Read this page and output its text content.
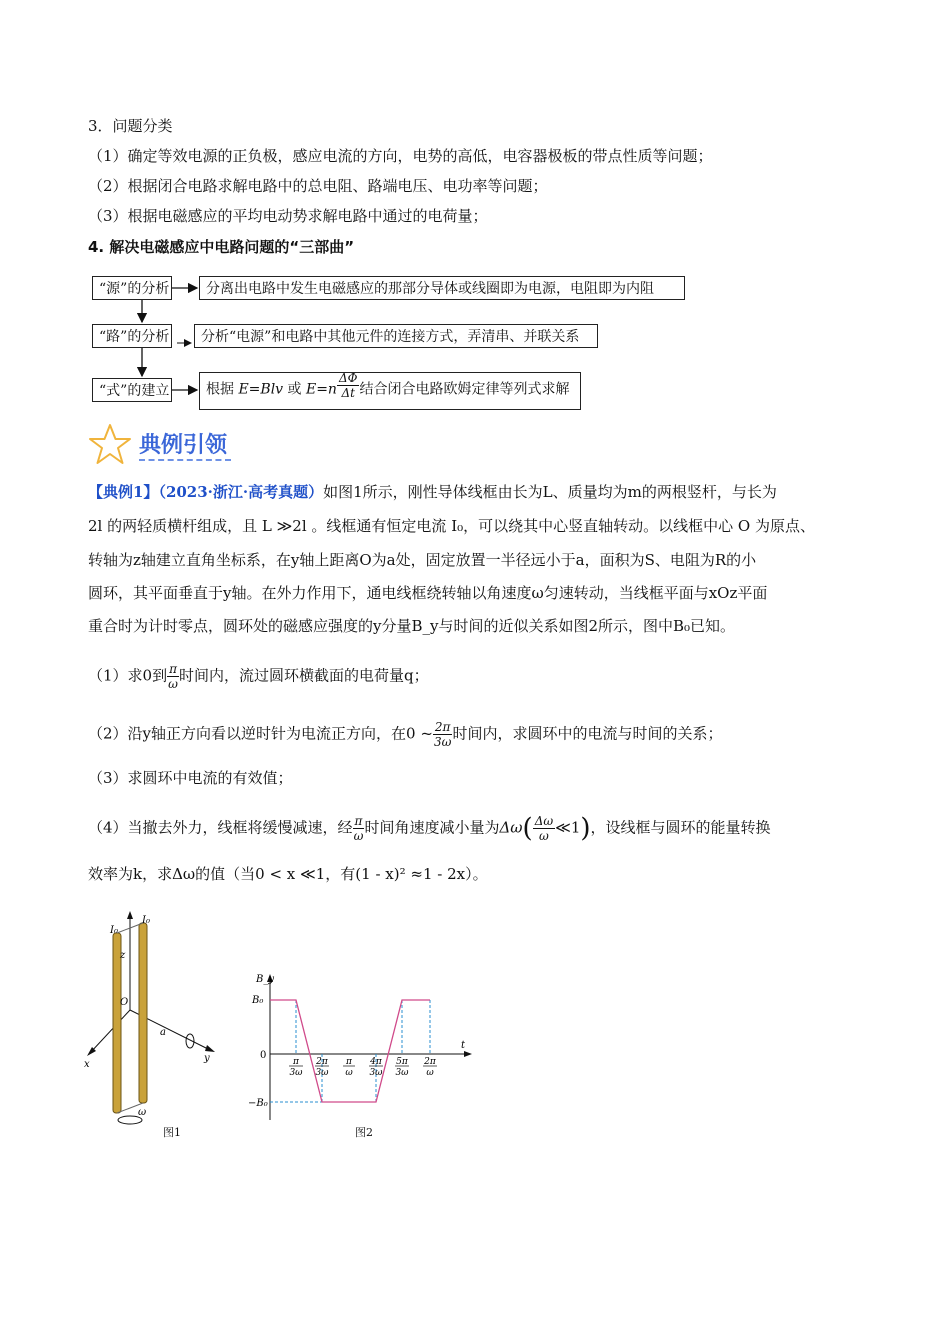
3．问题分类
（1）确定等效电源的正负极，感应电流的方向，电势的高低，电容器极板的带点性质等问题；
（2）根据闭合电路求解电路中的总电阻、路端电压、电功率等问题；
（3）根据电磁感应的平均电动势求解电路中通过的电荷量；
4. 解决电磁感应中电路问题的“三部曲”
“源”的分析	分离出电路中发生电磁感应的那部分导体或线圈即为电源，电阻即为内阻
“路”的分析	分析“电源”和电路中其他元件的连接方式，弄清串、并联关系
“式”的建立	根据 E=Blv 或 $E=n \frac{\Delta\Phi}{\Delta t}$ 结合闭合电路欧姆定律等列式求解
典例引领
【典例1】（2023·浙江·高考真题）如图1所示，刚性导体线框由长为L、质量均为m的两根竖杆，与长为
2l 的两轻质横杆组成，且 L ≫2l 。线框通有恒定电流 I₀，可以绕其中心竖直轴转动。以线框中心 O 为原点、
转轴为z轴建立直角坐标系，在y轴上距离O为a处，固定放置一半径远小于a，面积为S、电阻为R的小
圆环，其平面垂直于y轴。在外力作用下，通电线框绕转轴以角速度ω匀速转动，当线框平面与xOz平面
重合时为计时零点，圆环处的磁感应强度的y分量B_y与时间的近似关系如图2所示，图中B₀已知。
（1）求0到 $\frac{\pi}{\omega}$ 时间内，流过圆环横截面的电荷量q；
（2）沿y轴正方向看以逆时针为电流正方向，在0 ~ $\frac{2\pi}{3\omega}$ 时间内，求圆环中的电流与时间的关系；
（3）求圆环中电流的有效值；
（4）当撤去外力，线框将缓慢减速，经 $\frac{\pi}{\omega}$ 时间角速度减小量为$\Delta\omega( \frac{\Delta\omega}{\omega}$ ≪1)，设线框与圆环的能量转换
效率为k，求Δω的值（当0 < x ≪1，有(1 - x)² ≈1 - 2x）。
I₀
I₀
z
O
a
y
x
ω
图1
B_y
B₀
0
−B₀
t
π
3ω
2π
3ω
π
ω
4π
3ω
5π
3ω
2π
ω
图2
